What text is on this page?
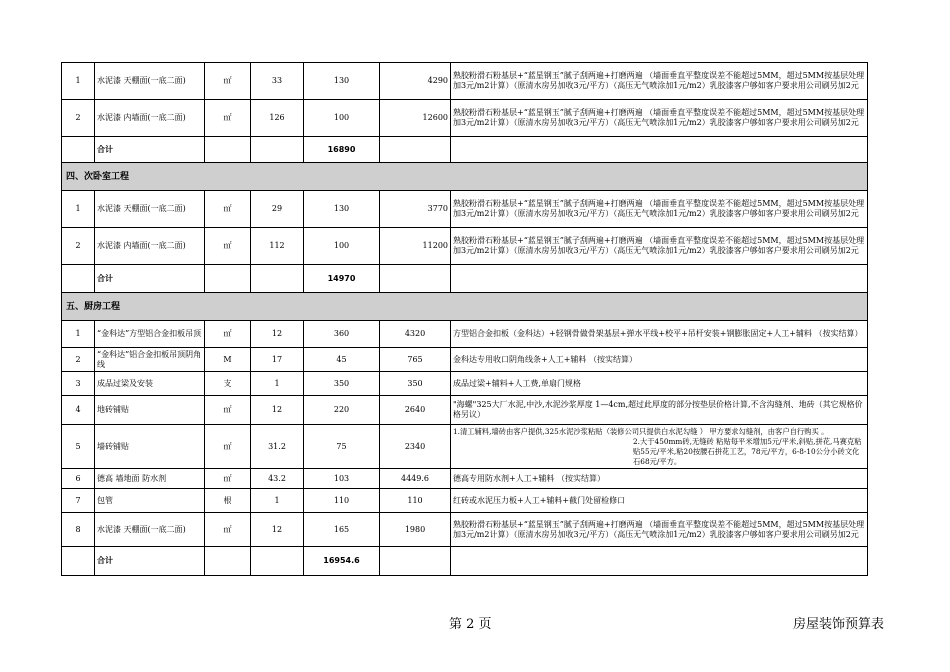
1	水泥漆 天棚面(一底二面)	㎡	33	130	4290	熟胶粉滑石粉基层+“蓝星钢玉”腻子刮两遍+打磨两遍 （墙面垂直平整度误差不能超过5MM，超过5MM按基层处理加3元/m2计算）（原清水房另加收3元/平方）（高压无气喷涂加1元/m2）乳胶漆客户够如客户要求用公司刷另加2元
2	水泥漆 内墙面(一底二面)	㎡	126	100	12600	熟胶粉滑石粉基层+“蓝星钢玉”腻子刮两遍+打磨两遍 （墙面垂直平整度误差不能超过5MM，超过5MM按基层处理加3元/m2计算）（原清水房另加收3元/平方）（高压无气喷涂加1元/m2）乳胶漆客户够如客户要求用公司刷另加2元
	合计			16890		
四、次卧室工程						
1	水泥漆 天棚面(一底二面)	㎡	29	130	3770	熟胶粉滑石粉基层+“蓝星钢玉”腻子刮两遍+打磨两遍 （墙面垂直平整度误差不能超过5MM，超过5MM按基层处理加3元/m2计算）（原清水房另加收3元/平方）（高压无气喷涂加1元/m2）乳胶漆客户够如客户要求用公司刷另加2元
2	水泥漆 内墙面(一底二面)	㎡	112	100	11200	熟胶粉滑石粉基层+“蓝星钢玉”腻子刮两遍+打磨两遍 （墙面垂直平整度误差不能超过5MM，超过5MM按基层处理加3元/m2计算）（原清水房另加收3元/平方）（高压无气喷涂加1元/m2）乳胶漆客户够如客户要求用公司刷另加2元
	合计			14970		
五、厨房工程						
1	“金科达”方型铝合金扣板吊顶	㎡	12	360	4320	方型铝合金扣板（金科达）+轻钢骨做骨架基层+弹水平线+校平+吊杆安装+钢膨胀固定+人工+辅料 （按实结算）
2	“金科达”铝合金扣板吊顶阴角线	M	17	45	765	金科达专用收口阴角线条+人工+辅料 （按实结算）
3	成品过梁及安装	支	1	350	350	成品过梁+辅料+人工费,单扇门规格
4	地砖铺贴	㎡	12	220	2640	"海螺"325大厂水泥,中沙,水泥沙浆厚度 1—4cm,超过此厚度的部分按垫层价格计算,不含沟缝剂、地砖（其它规格价格另议）
5	墙砖铺贴	㎡	31.2	75	2340	1.清工辅料,墙砖由客户提供,325水泥沙浆粘贴（装修公司只提供白水泥勾缝 ） 甲方要求勾缝剂，由客户自行购买 。
2.大于450mm砖,无缝砖 粘贴每平米增加5元/平米,斜贴,拼花,马赛克粘贴55元/平米,粘20按腰石拼花工艺，78元/平方，6-8-10公分小砖文化石68元/平方。

6	德高 墙地面 防水剂	㎡	43.2	103	4449.6	德高专用防水剂+人工+辅料 （按实结算）
7	包管	根	1	110	110	红砖或水泥压力板+人工+辅料+截门处留检修口
8	水泥漆 天棚面(一底二面)	㎡	12	165	1980	熟胶粉滑石粉基层+“蓝星钢玉”腻子刮两遍+打磨两遍 （墙面垂直平整度误差不能超过5MM，超过5MM按基层处理加3元/m2计算）（原清水房另加收3元/平方）（高压无气喷涂加1元/m2）乳胶漆客户够如客户要求用公司刷另加2元
	合计			16954.6		
第 2 页	房屋装饰预算表
